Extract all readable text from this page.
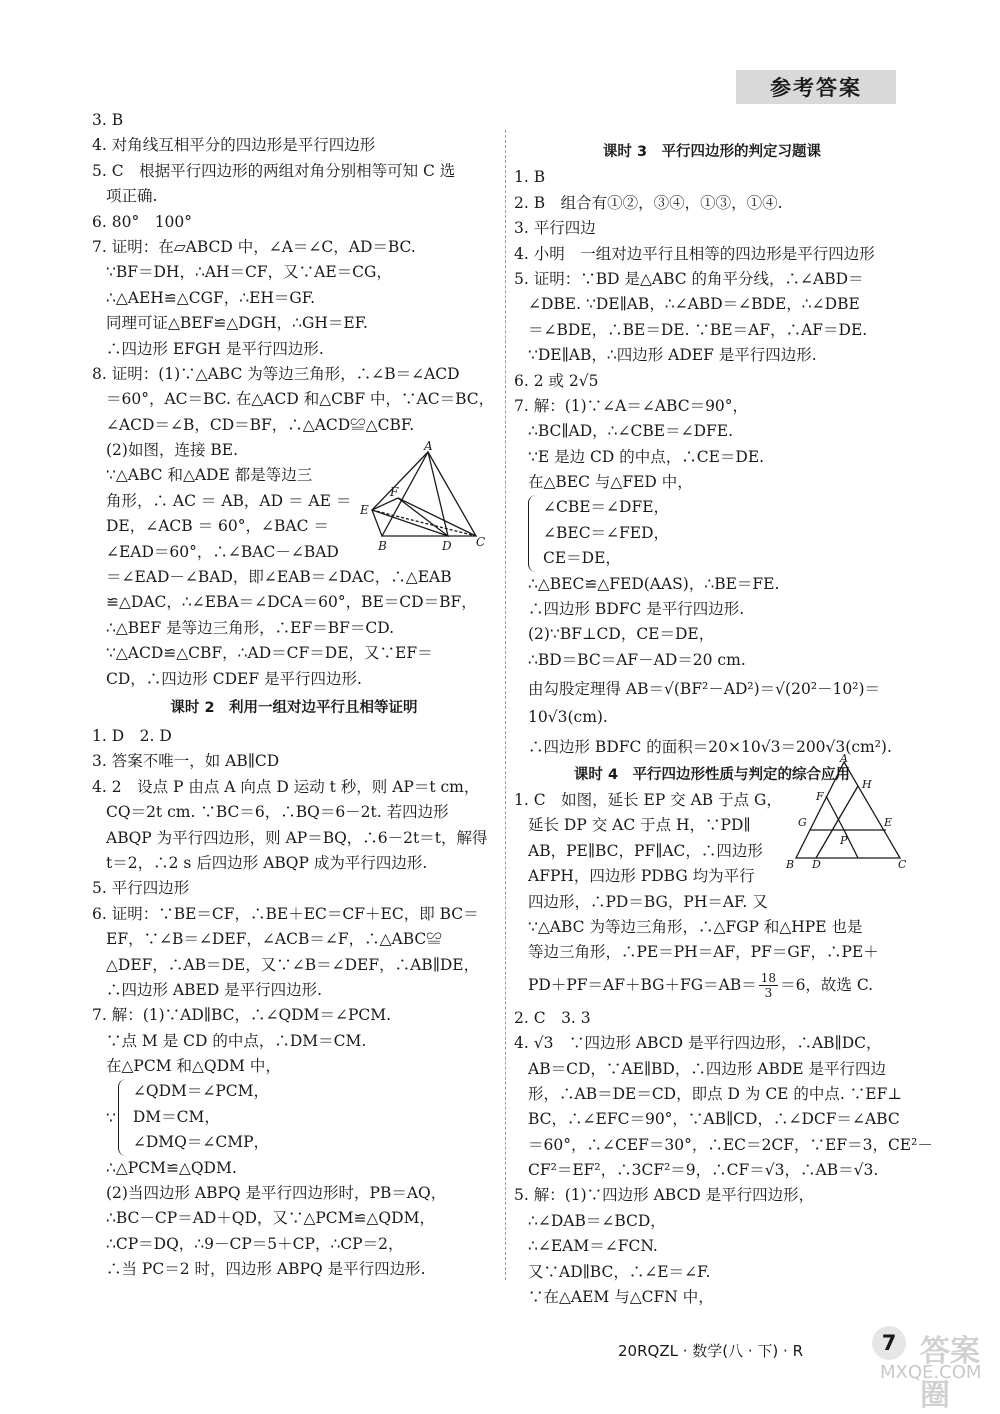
参考答案
3. B
4. 对角线互相平分的四边形是平行四边形
5. C　根据平行四边形的两组对角分别相等可知 C 选
项正确.
6. 80°　100°
7. 证明：在▱ABCD 中，∠A＝∠C，AD＝BC.
∵BF＝DH，∴AH＝CF，又∵AE＝CG，
∴△AEH≌△CGF，∴EH＝GF.
同理可证△BEF≌△DGH，∴GH＝EF.
∴四边形 EFGH 是平行四边形.
8. 证明：(1)∵△ABC 为等边三角形，∴∠B＝∠ACD
＝60°，AC＝BC. 在△ACD 和△CBF 中，∵AC＝BC，
∠ACD＝∠B，CD＝BF，∴△ACD≌△CBF.
(2)如图，连接 BE.
∵△ABC 和△ADE 都是等边三
角形，∴ AC ＝ AB，AD ＝ AE ＝
DE，∠ACB ＝ 60°，∠BAC ＝
∠EAD＝60°，∴∠BAC－∠BAD
＝∠EAD－∠BAD，即∠EAB＝∠DAC，∴△EAB
≌△DAC，∴∠EBA＝∠DCA＝60°，BE＝CD＝BF，
∴△BEF 是等边三角形，∴EF＝BF＝CD.
∵△ACD≌△CBF，∴AD＝CF＝DE，又∵EF＝
CD，∴四边形 CDEF 是平行四边形.
课时 2　利用一组对边平行且相等证明
1. D　2. D
3. 答案不唯一，如 AB∥CD
4. 2　设点 P 由点 A 向点 D 运动 t 秒，则 AP＝t cm，
CQ＝2t cm. ∵BC＝6，∴BQ＝6－2t. 若四边形
ABQP 为平行四边形，则 AP＝BQ，∴6－2t＝t，解得
t＝2，∴2 s 后四边形 ABQP 成为平行四边形.
5. 平行四边形
6. 证明：∵BE＝CF，∴BE＋EC＝CF＋EC，即 BC＝
EF，∵∠B＝∠DEF，∠ACB＝∠F，∴△ABC≌
△DEF，∴AB＝DE，又∵∠B＝∠DEF，∴AB∥DE，
∴四边形 ABED 是平行四边形.
7. 解：(1)∵AD∥BC，∴∠QDM＝∠PCM.
∵点 M 是 CD 的中点，∴DM＝CM.
在△PCM 和△QDM 中，
∵
∠QDM＝∠PCM，
DM＝CM，
∠DMQ＝∠CMP，
∴△PCM≌△QDM.
(2)当四边形 ABPQ 是平行四边形时，PB＝AQ，
∴BC－CP＝AD＋QD，又∵△PCM≌△QDM，
∴CP＝DQ，∴9－CP＝5＋CP，∴CP＝2，
∴当 PC＝2 时，四边形 ABPQ 是平行四边形.
A
E
F
B	D C
课时 3　平行四边形的判定习题课
1. B
2. B　组合有①②，③④，①③，①④.
3. 平行四边
4. 小明　一组对边平行且相等的四边形是平行四边形
5. 证明：∵BD 是△ABC 的角平分线，∴∠ABD＝
∠DBE. ∵DE∥AB，∴∠ABD＝∠BDE，∴∠DBE
＝∠BDE，∴BE＝DE. ∵BE＝AF，∴AF＝DE.
∵DE∥AB，∴四边形 ADEF 是平行四边形.
6. 2 或 2√5
7. 解：(1)∵∠A＝∠ABC＝90°，
∴BC∥AD，∴∠CBE＝∠DFE.
∵E 是边 CD 的中点，∴CE＝DE.
在△BEC 与△FED 中，
∠CBE＝∠DFE，
∠BEC＝∠FED，
CE＝DE，
∴△BEC≌△FED(AAS)，∴BE＝FE.
∴四边形 BDFC 是平行四边形.
(2)∵BF⊥CD，CE＝DE，
∴BD＝BC＝AF－AD＝20 cm.
由勾股定理得 AB＝√(BF²－AD²)＝√(20²－10²)＝
10√3(cm).
∴四边形 BDFC 的面积＝20×10√3＝200√3(cm²).
课时 4　平行四边形性质与判定的综合应用
1. C　如图，延长 EP 交 AB 于点 G，
延长 DP 交 AC 于点 H，∵PD∥
AB，PE∥BC，PF∥AC，∴四边形
AFPH，四边形 PDBG 均为平行
四边形，∴PD＝BG，PH＝AF. 又
∵△ABC 为等边三角形，∴△FGP 和△HPE 也是
等边三角形，∴PE＝PH＝AF，PF＝GF，∴PE＋
$PD+PF=AF+BG+FG=AB= \frac{18}{3} =6$，故选 C.
2. C　3. 3
4. √3　∵四边形 ABCD 是平行四边形，∴AB∥DC，
AB＝CD，∵AE∥BD，∴四边形 ABDE 是平行四边
形，∴AB＝DE＝CD，即点 D 为 CE 的中点. ∵EF⊥
BC，∴∠EFC＝90°，∵AB∥CD，∴∠DCF＝∠ABC
＝60°，∴∠CEF＝30°，∴EC＝2CF，∵EF＝3，CE²－
CF²＝EF²，∴3CF²＝9，∴CF＝√3，∴AB＝√3.
5. 解：(1)∵四边形 ABCD 是平行四边形，
∴∠DAB＝∠BCD，
∴∠EAM＝∠FCN.
又∵AD∥BC，∴∠E＝∠F.
∵在△AEM 与△CFN 中，
A
H
F
G
P
E
B D	C
20RQZL · 数学(八 · 下) · R	7 答案圈
MXQE.COM
